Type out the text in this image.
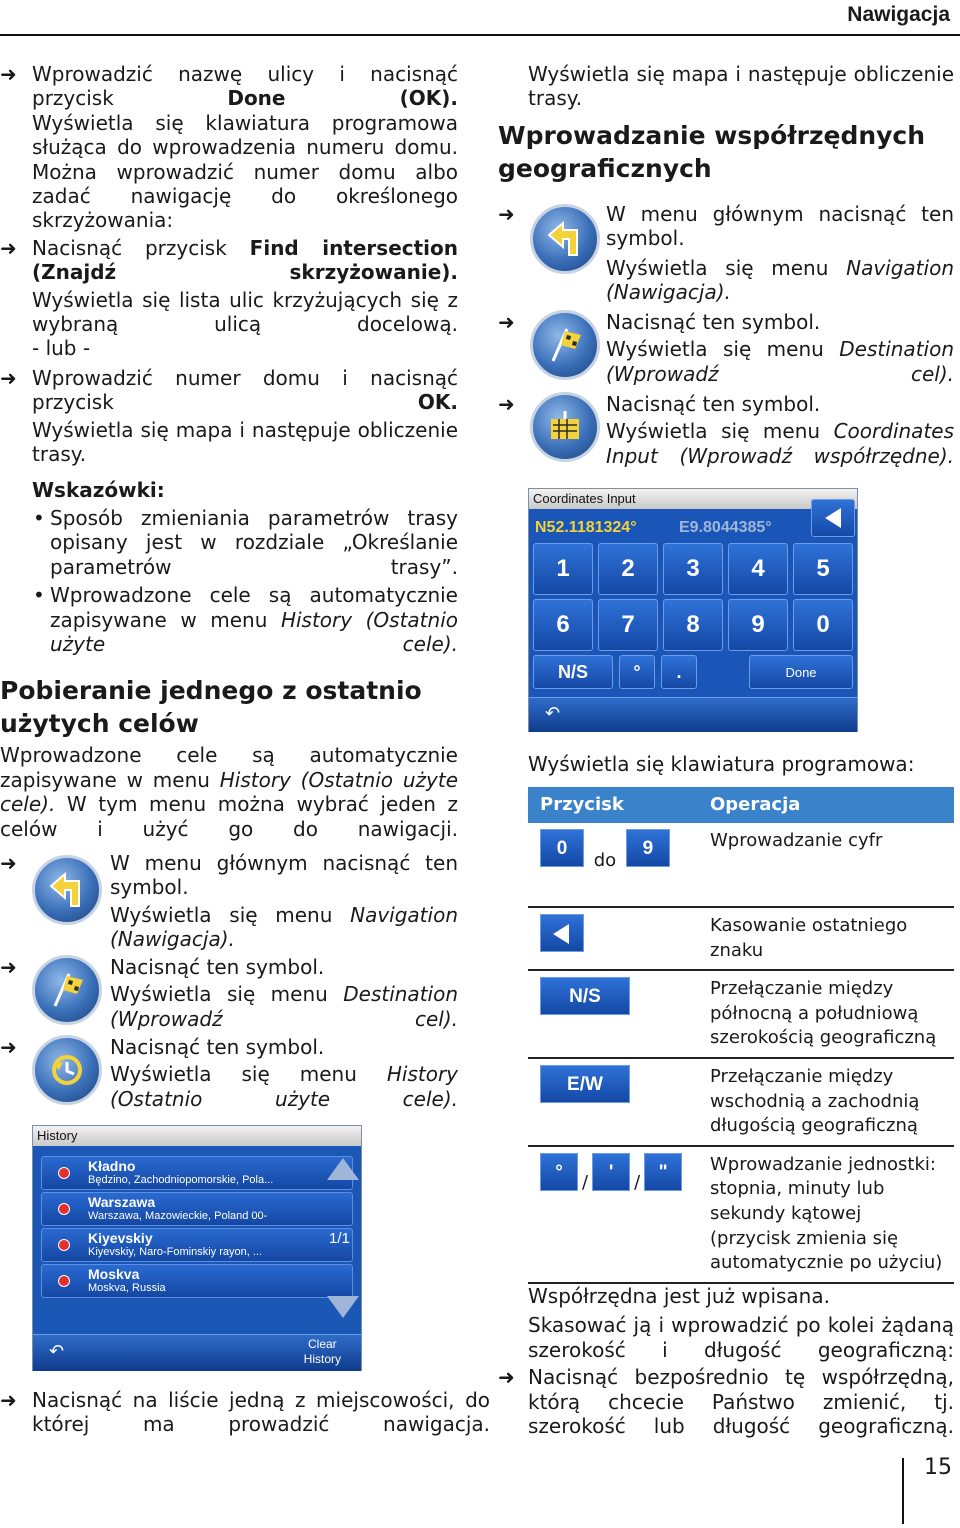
Nawigacja

➜ Wprowadzić nazwę ulicy i nacisnąć przycisk	Done (OK).

Wyświetla się klawiatura programowa służąca do wprowadzenia numeru domu. Można wprowadzić numer domu albo zadać nawigację do określonego skrzyżowania:

➜ Nacisnąć przycisk Find intersection (Znajdź skrzyżowanie).

Wyświetla się lista ulic krzyżujących się z wybraną ulicą docelową.

- lub -

➜ Wprowadzić numer domu i nacisnąć przycisk	OK.

Wyświetla się mapa i następuje obliczenie trasy.

Wskazówki:

• Sposób zmieniania parametrów trasy opisany jest w rozdziale „Określanie parametrów trasy”.

• Wprowadzone cele są automatycznie zapisywane w menu History (Ostatnio użyte cele).

Pobieranie jednego z ostatnio użytych celów

Wprowadzone cele są automatycznie zapisywane w menu History (Ostatnio użyte cele). W tym menu można wybrać jeden z celów i użyć go do nawigacji.

➜	W menu głównym nacisnąć ten symbol.
Wyświetla się menu Navigation (Nawigacja).
➜	Nacisnąć ten symbol.
Wyświetla się menu Destination (Wprowadź cel).
➜	Nacisnąć ten symbol.
Wyświetla się menu History (Ostatnio użyte cele).
History
Kładno
Będzino, Zachodniopomorskie, Pola...
Warszawa
Warszawa, Mazowieckie, Poland 00-
Kiyevskiy
Kiyevskiy, Naro-Fominskiy rayon, ...
Moskva
Moskva, Russia
1/1
↶	Clear
History

➜ Nacisnąć na liście jedną z miejscowości, do której ma prowadzić nawigacja.

Wyświetla się mapa i następuje obliczenie trasy.

Wprowadzanie współrzędnych geograficznych

➜	W menu głównym nacisnąć ten symbol.
Wyświetla się menu Navigation (Nawigacja).
➜	Nacisnąć ten symbol.
Wyświetla się menu Destination (Wprowadź cel).
➜	Nacisnąć ten symbol.
Wyświetla się menu Coordinates Input (Wprowadź współrzędne).
Coordinates Input
N52.1181324°	E9.8044385°
1	2	3	4	5
6	7	8	9	0
N/S	°	.	Done
↶

Wyświetla się klawiatura programowa:

Przycisk	Operacja
0 do 9	Wprowadzanie cyfr

	Kasowanie ostatniego znaku
N/S	Przełączanie między północną a południową szerokością geograficzną
E/W	Przełączanie między wschodnią a zachodnią długością geograficzną
° / ' / "	Wprowadzanie jednostki: stopnia, minuty lub sekundy kątowej (przycisk zmienia się automatycznie po użyciu)

Współrzędna jest już wpisana.

Skasować ją i wprowadzić po kolei żądaną szerokość i długość geograficzną:

➜ Nacisnąć bezpośrednio tę współrzędną, którą chcecie Państwo zmienić, tj. szerokość lub długość geograficzną.

15
